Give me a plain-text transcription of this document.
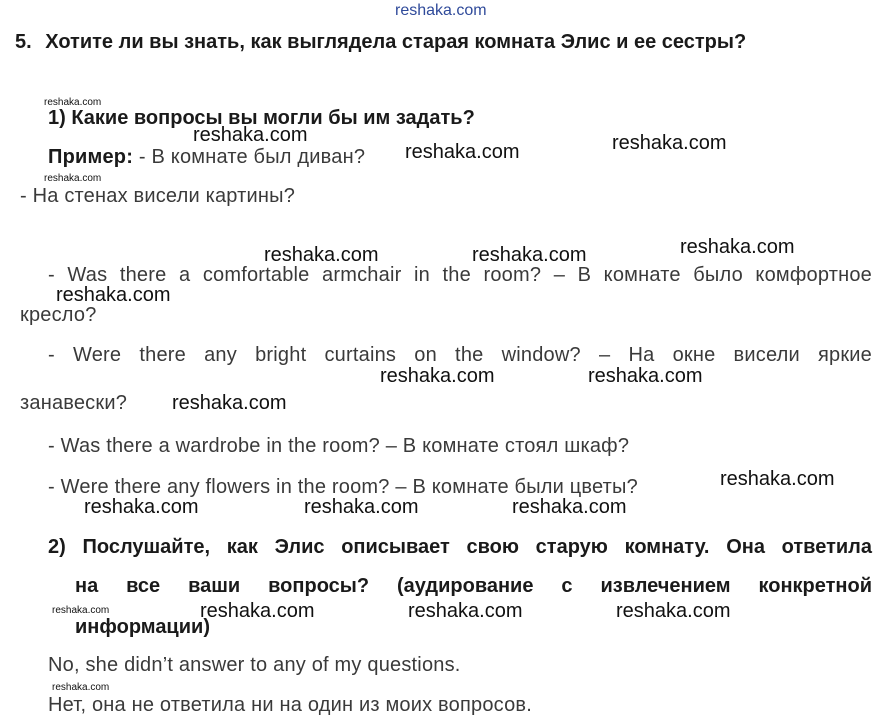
reshaka.com
5. Хотите ли вы знать, как выглядела старая комната Элис и ее сестры?
reshaka.com
1) Какие вопросы вы могли бы им задать?
Пример: - В комнате был диван?
reshaka.com
- На стенах висели картины?
- Was there a comfortable armchair in the room? – В комнате было комфортное
кресло?
- Were there any bright curtains on the window? – На окне висели яркие
занавески?
- Was there a wardrobe in the room? – В комнате стоял шкаф?
- Were there any flowers in the room? – В комнате были цветы?
2) Послушайте, как Элис описывает свою старую комнату. Она ответила
на все ваши вопросы? (аудирование с извлечением конкретной
reshaka.com
информации)
No, she didn’t answer to any of my questions.
reshaka.com
Нет, она не ответила ни на один из моих вопросов.
reshaka.com
reshaka.com	reshaka.com
reshaka.com	reshaka.com	reshaka.com
reshaka.com
reshaka.com	reshaka.com
reshaka.com
reshaka.com
reshaka.com	reshaka.com	reshaka.com
reshaka.com	reshaka.com	reshaka.com
